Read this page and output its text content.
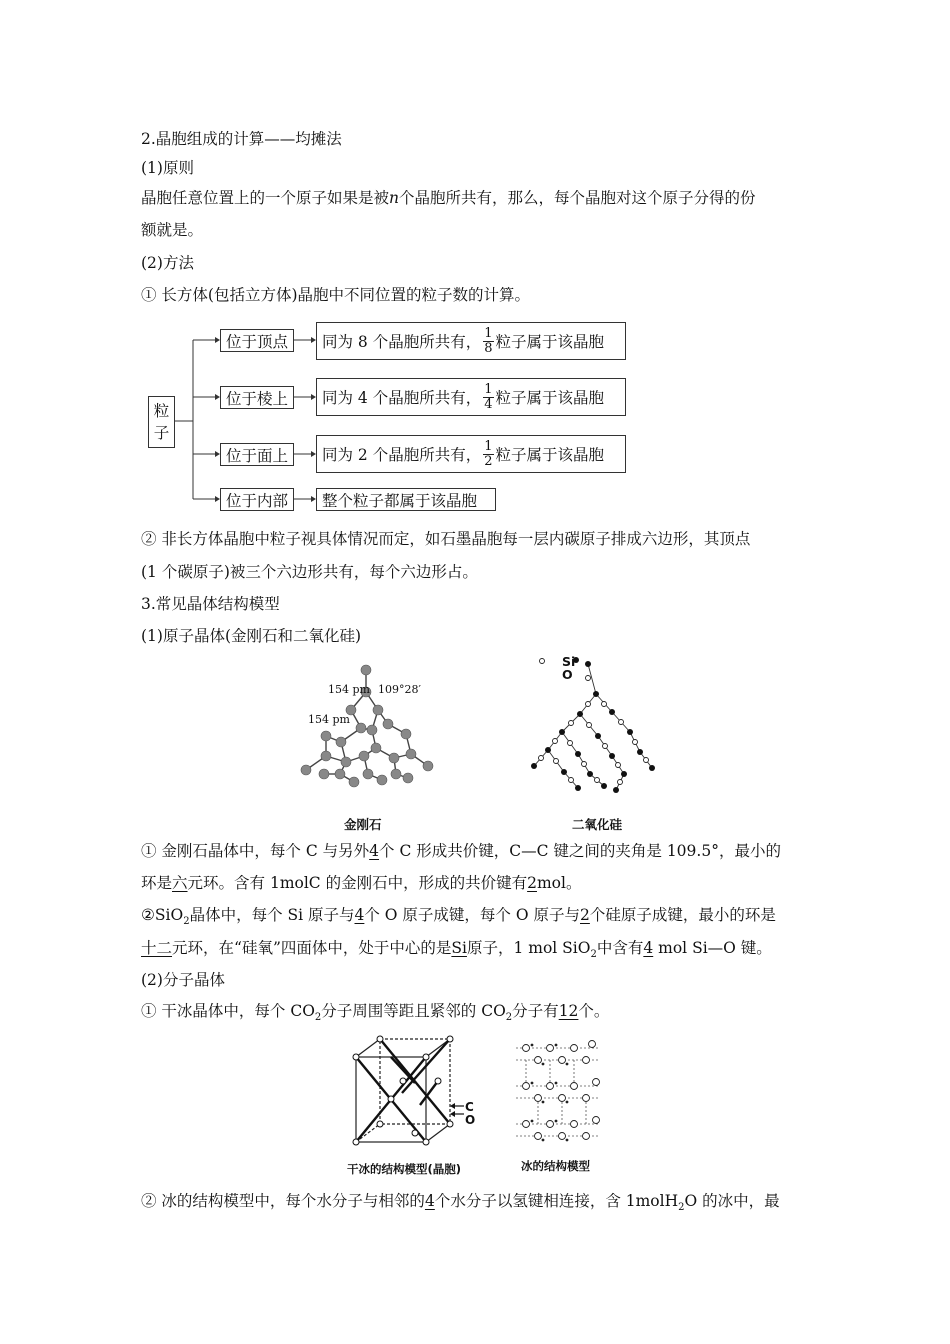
2.晶胞组成的计算——均摊法
(1)原则
晶胞任意位置上的一个原子如果是被n个晶胞所共有，那么，每个晶胞对这个原子分得的份
额就是。
(2)方法
① 长方体(包括立方体)晶胞中不同位置的粒子数的计算。
粒
子
位于顶点
位于棱上
位于面上
位于内部
同为 8 个晶胞所共有， $\frac{1}{8}$ 粒子属于该晶胞
同为 4 个晶胞所共有， $\frac{1}{4}$ 粒子属于该晶胞
同为 2 个晶胞所共有， $\frac{1}{2}$ 粒子属于该晶胞
整个粒子都属于该晶胞
② 非长方体晶胞中粒子视具体情况而定，如石墨晶胞每一层内碳原子排成六边形，其顶点
(1 个碳原子)被三个六边形共有，每个六边形占。
3.常见晶体结构模型
(1)原子晶体(金刚石和二氧化硅)
154 pm
154 pm
109°28′
金刚石
Si
O
二氧化硅
① 金刚石晶体中，每个 C 与另外4个 C 形成共价键，C—C 键之间的夹角是 109.5°，最小的
环是六元环。含有 1molC 的金刚石中，形成的共价键有2mol。
②SiO$_2$晶体中，每个 Si 原子与4个 O 原子成键，每个 O 原子与2个硅原子成键，最小的环是
十二元环，在“硅氧”四面体中，处于中心的是Si原子，1 mol SiO$_2$中含有4 mol Si—O 键。
(2)分子晶体
① 干冰晶体中，每个 $CO_2$分子周围等距且紧邻的 $CO_2$分子有12个。
C
O
干冰的结构模型(晶胞)	冰的结构模型
② 冰的结构模型中，每个水分子与相邻的4个水分子以氢键相连接，含 1molH$_2$O 的冰中，最
